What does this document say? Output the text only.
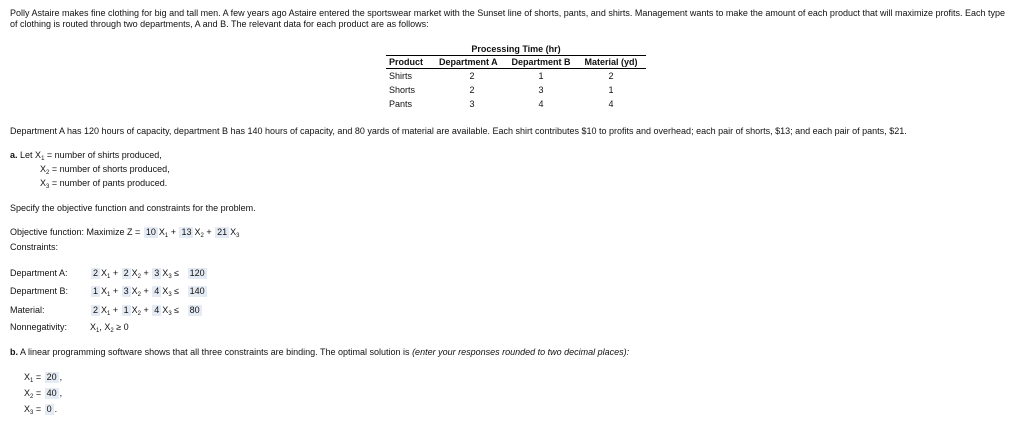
Polly Astaire makes fine clothing for big and tall men. A few years ago Astaire entered the sportswear market with the Sunset line of shorts, pants, and shirts. Management wants to make the amount of each product that will maximize profits. Each type of clothing is routed through two departments, A and B. The relevant data for each product are as follows:
Processing Time (hr)
Product	Department A	Department B	Material (yd)
Shirts	2	1	2
Shorts	2	3	1
Pants	3	4	4
Department A has 120 hours of capacity, department B has 140 hours of capacity, and 80 yards of material are available. Each shirt contributes $10 to profits and overhead; each pair of shorts, $13; and each pair of pants, $21.
a. Let $X_1$ = number of shirts produced,
$X_2$ = number of shorts produced,
$X_3$ = number of pants produced.
Specify the objective function and constraints for the problem.
Objective function: Maximize Z = 10 $X_1 + 13$ $X_2 + 21$ $X_3$
Constraints:
Department A:	2 $X_1 + 2$ $X_2 + 3$ $X_3 \le 120$
Department B:	1 $X_1 + 3$ $X_2 + 4$ $X_3 \le 140$
Material:	2 $X_1 + 1$ $X_2 + 4$ $X_3 \le 80$
Nonnegativity:	$X_1$, $X_2 \ge 0$
b. A linear programming software shows that all three constraints are binding. The optimal solution is (enter your responses rounded to two decimal places):
$X_1 = 20$ ,
$X_2 = 40$ ,
$X_3 = 0$ .
